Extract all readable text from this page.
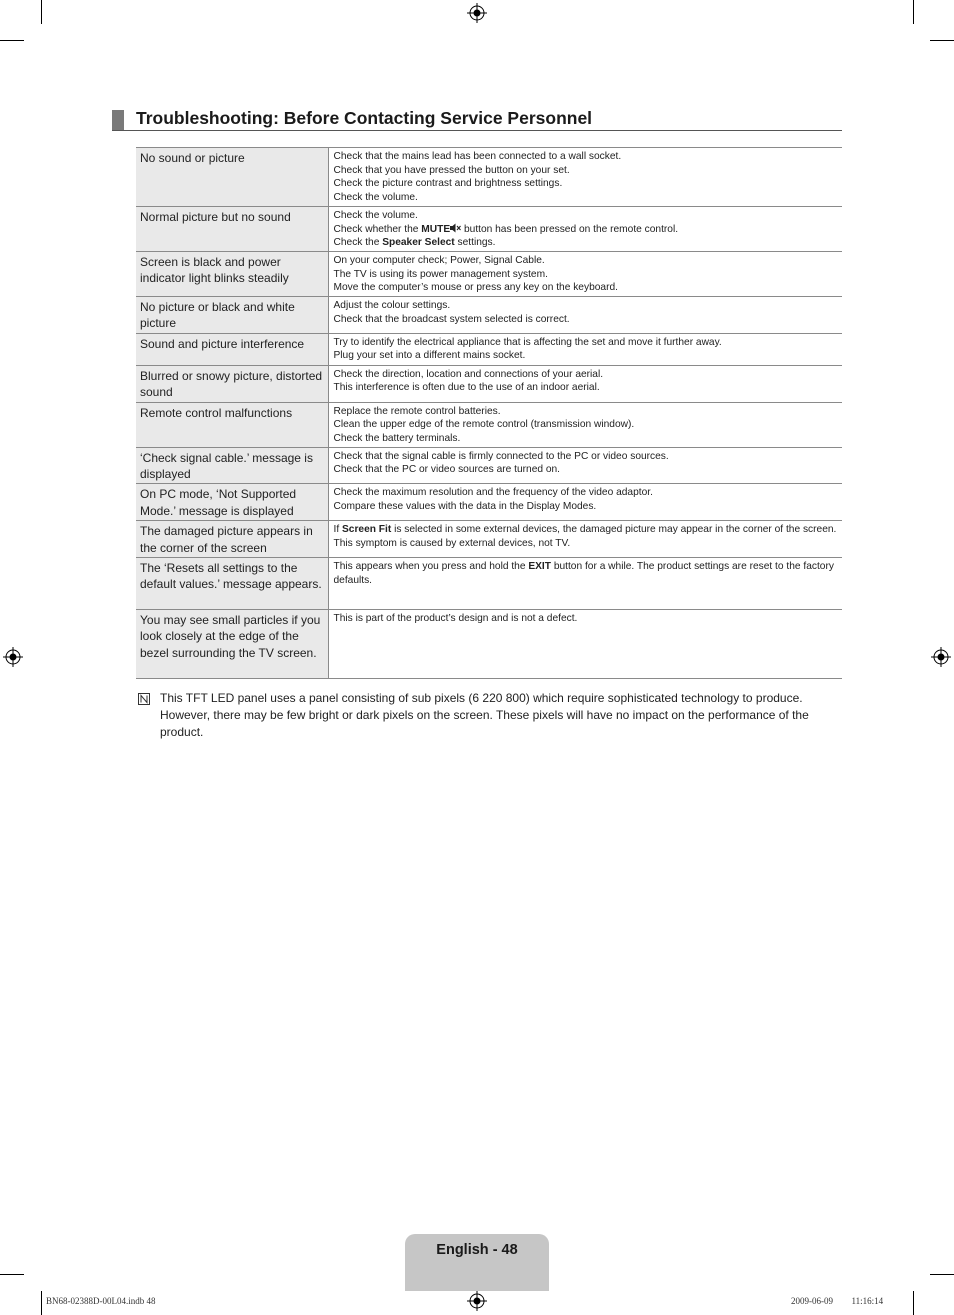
Troubleshooting: Before Contacting Service Personnel
No sound or picture	Check that the mains lead has been connected to a wall socket.
Check that you have pressed the button on your set.
Check the picture contrast and brightness settings.
Check the volume.

Normal picture but no sound	Check the volume.
Check whether the MUTE button has been pressed on the remote control.
Check the Speaker Select settings.

Screen is black and power indicator light blinks steadily	On your computer check; Power, Signal Cable.
The TV is using its power management system.
Move the computer’s mouse or press any key on the keyboard.

No picture or black and white picture	Adjust the colour settings.
Check that the broadcast system selected is correct.

Sound and picture interference	Try to identify the electrical appliance that is affecting the set and move it further away.
Plug your set into a different mains socket.

Blurred or snowy picture, distorted sound	Check the direction, location and connections of your aerial.
This interference is often due to the use of an indoor aerial.

Remote control malfunctions	Replace the remote control batteries.
Clean the upper edge of the remote control (transmission window).
Check the battery terminals.

‘Check signal cable.’ message is displayed	Check that the signal cable is firmly connected to the PC or video sources.
Check that the PC or video sources are turned on.

On PC mode, ‘Not Supported Mode.’ message is displayed	Check the maximum resolution and the frequency of the video adaptor.
Compare these values with the data in the Display Modes.

The damaged picture appears in the corner of the screen	If Screen Fit is selected in some external devices, the damaged picture may appear in the corner of the screen. This symptom is caused by external devices, not TV.
The ‘Resets all settings to the default values.’ message appears.	This appears when you press and hold the EXIT button for a while. The product settings are reset to the factory defaults.
You may see small particles if you look closely at the edge of the bezel surrounding the TV screen.	This is part of the product’s design and is not a defect.
This TFT LED panel uses a panel consisting of sub pixels (6 220 800) which require sophisticated technology to produce. However, there may be few bright or dark pixels on the screen. These pixels will have no impact on the performance of the product.
English - 48
BN68-02388D-00L04.indb 48	2009-06-09 ￿￿ 11:16:14
